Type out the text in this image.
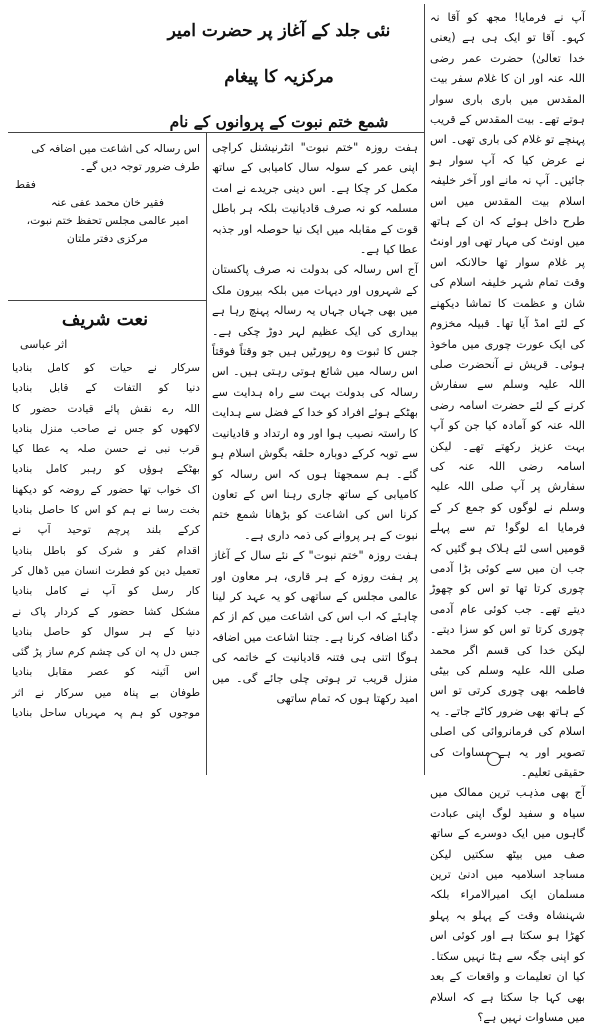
نئی جلد کے آغاز پر حضرت امیر مرکزیہ کا پیغام
شمع ختم نبوت کے پروانوں کے نام

آپ نے فرمایا! مجھ کو آقا نہ کہو۔ آقا تو ایک ہی ہے (یعنی خدا تعالیٰ) حضرت عمر رضی اللہ عنہ اور ان کا غلام سفر بیت المقدس میں باری باری سوار ہوتے تھے۔ بیت المقدس کے قریب پہنچے تو غلام کی باری تھی۔ اس نے عرض کیا کہ آپ سوار ہو جائیں۔ آپ نہ مانے اور آخر خلیفہ اسلام بیت المقدس میں اس طرح داخل ہوئے کہ ان کے ہاتھ میں اونٹ کی مہار تھی اور اونٹ پر غلام سوار تھا حالانکہ اس وقت تمام شہر خلیفہ اسلام کی شان و عظمت کا تماشا دیکھنے کے لئے امڈ آیا تھا۔ قبیلہ مخزوم کی ایک عورت چوری میں ماخوذ ہوئی۔ قریش نے آنحضرت صلی اللہ علیہ وسلم سے سفارش کرنے کے لئے حضرت اسامہ رضی اللہ عنہ کو آمادہ کیا جن کو آپ بہت عزیز رکھتے تھے۔ لیکن اسامہ رضی اللہ عنہ کی سفارش پر آپ صلی اللہ علیہ وسلم نے لوگوں کو جمع کر کے فرمایا اے لوگو! تم سے پہلے قومیں اسی لئے ہلاک ہو گئیں کہ جب ان میں سے کوئی بڑا آدمی چوری کرتا تھا تو اس کو چھوڑ دیتے تھے۔ جب کوئی عام آدمی چوری کرتا تو اس کو سزا دیتے۔ لیکن خدا کی قسم اگر محمد صلی اللہ علیہ وسلم کی بیٹی فاطمہ بھی چوری کرتی تو اس کے ہاتھ بھی ضرور کاٹے جاتے۔ یہ اسلام کی فرمانروائی کی اصلی تصویر اور یہ ہے مساوات کی حقیقی تعلیم۔

آج بھی مذہب ترین ممالک میں سیاہ و سفید لوگ اپنی عبادت گاہوں میں ایک دوسرے کے ساتھ صف میں بیٹھ سکتیں لیکن مساجد اسلامیہ میں ادنیٰ ترین مسلمان ایک امیرالامراء بلکہ شہنشاہ وقت کے پہلو بہ پہلو کھڑا ہو سکتا ہے اور کوئی اس کو اپنی جگہ سے ہٹا نہیں سکتا۔ کیا ان تعلیمات و واقعات کے بعد بھی کہا جا سکتا ہے کہ اسلام میں مساوات نہیں ہے؟

ہفت روزہ "ختم نبوت" انٹرنیشنل کراچی اپنی عمر کے سولہ سال کامیابی کے ساتھ مکمل کر چکا ہے۔ اس دینی جریدے نے امت مسلمہ کو نہ صرف قادیانیت بلکہ ہر باطل قوت کے مقابلہ میں ایک نیا حوصلہ اور جذبہ عطا کیا ہے۔

آج اس رسالہ کی بدولت نہ صرف پاکستان کے شہروں اور دیہات میں بلکہ بیرون ملک میں بھی جہاں جہاں یہ رسالہ پہنچ رہا ہے بیداری کی ایک عظیم لہر دوڑ چکی ہے۔ جس کا ثبوت وہ رپورٹیں ہیں جو وقتاً فوقتاً اس رسالہ میں شائع ہوتی رہتی ہیں۔ اس رسالہ کی بدولت بہت سے راہ ہدایت سے بھٹکے ہوئے افراد کو خدا کے فضل سے ہدایت کا راستہ نصیب ہوا اور وہ ارتداد و قادیانیت سے توبہ کرکے دوبارہ حلقہ بگوش اسلام ہو گئے۔ ہم سمجھتا ہوں کہ اس رسالہ کو کامیابی کے ساتھ جاری رہنا اس کے تعاون کرنا اس کی اشاعت کو بڑھانا شمع ختم نبوت کے ہر پروانے کی ذمہ داری ہے۔

ہفت روزہ "ختم نبوت" کے نئے سال کے آغاز پر ہفت روزہ کے ہر قاری، ہر معاون اور عالمی مجلس کے ساتھی کو یہ عہد کر لینا چاہئے کہ اب اس کی اشاعت میں کم از کم دگنا اضافہ کرنا ہے۔ جتنا اشاعت میں اضافہ ہوگا اتنی ہی فتنہ قادیانیت کے خاتمہ کی منزل قریب تر ہوتی چلی جائے گی۔ میں امید رکھتا ہوں کہ تمام ساتھی

اس رسالہ کی اشاعت میں اضافہ کی طرف ضرور توجہ دیں گے۔
فقط
فقیر خان محمد عفی عنہ
امیر عالمی مجلس تحفظ ختم نبوت، مرکزی دفتر ملتان
نعت شریف
اثر عباسی

سرکار نے حیات کو کامل بنادیا

دنیا کو التفات کے قابل بنادیا

اللہ رے نقش پائے قیادت حضور کا

لاکھوں کو جس نے صاحب منزل بنادیا

قرب نبی نے حسن صلہ یہ عطا کیا

بھٹکے ہوؤں کو رہبر کامل بنادیا

اک خواب تھا حضور کے روضہ کو دیکھنا

بخت رسا نے ہم کو اس کا حاصل بنادیا

کرکے بلند پرچم توحید آپ نے

اقدام کفر و شرک کو باطل بنادیا

تعمیل دین کو فطرت انسان میں ڈھال کر

کار رسل کو آپ نے کامل بنادیا

مشکل کشا حضور کے کردار پاک نے

دنیا کے ہر سوال کو حاصل بنادیا

جس دل پہ ان کی چشم کرم ساز پڑ گئی

اس آئینہ کو عصر مقابل بنادیا

طوفان بے پناہ میں سرکار نے اثر

موجوں کو ہم پہ مہرباں ساحل بنادیا
